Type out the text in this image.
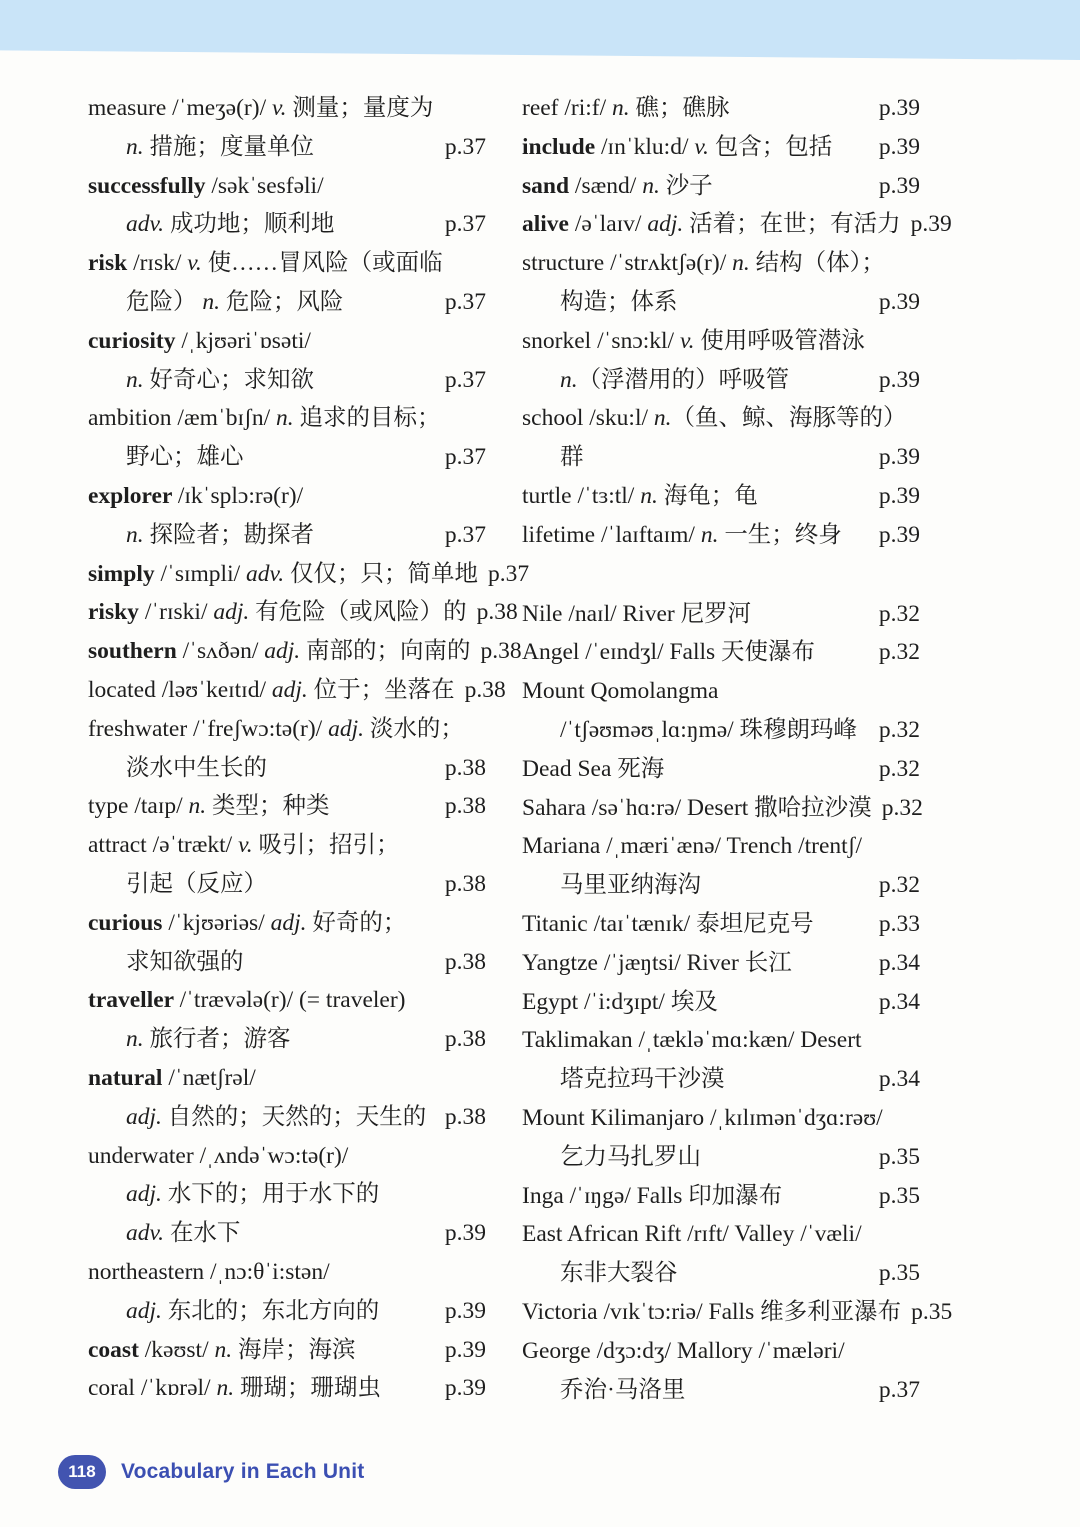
measure /ˈmeʒə(r)/ v. 测量；量度为
n. 措施；度量单位	p.37
successfully /səkˈsesfəli/
adv. 成功地；顺利地	p.37
risk /rɪsk/ v. 使……冒风险（或面临
危险） n. 危险；风险	p.37
curiosity /ˌkjʊəriˈɒsəti/
n. 好奇心；求知欲	p.37
ambition /æmˈbɪʃn/ n. 追求的目标；
野心；雄心	p.37
explorer /ɪkˈsplɔ:rə(r)/
n. 探险者；勘探者	p.37
simply /ˈsɪmpli/ adv. 仅仅；只；简单地 p.37
risky /ˈrɪski/ adj. 有危险（或风险）的 p.38
southern /ˈsʌðən/ adj. 南部的；向南的 p.38
located /ləʊˈkeɪtɪd/ adj. 位于；坐落在 p.38
freshwater /ˈfreʃwɔ:tə(r)/ adj. 淡水的；
淡水中生长的	p.38
type /taɪp/ n. 类型；种类	p.38
attract /əˈtrækt/ v. 吸引；招引；
引起（反应）	p.38
curious /ˈkjʊəriəs/ adj. 好奇的；
求知欲强的	p.38
traveller /ˈtrævələ(r)/ (= traveler)
n. 旅行者；游客	p.38
natural /ˈnætʃrəl/
adj. 自然的；天然的；天生的 p.38
underwater /ˌʌndəˈwɔ:tə(r)/
adj. 水下的；用于水下的
adv. 在水下	p.39
northeastern /ˌnɔ:θˈi:stən/
adj. 东北的；东北方向的	p.39
coast /kəʊst/ n. 海岸；海滨	p.39
coral /ˈkɒrəl/ n. 珊瑚；珊瑚虫	p.39
reef /ri:f/ n. 礁；礁脉	p.39
include /ɪnˈklu:d/ v. 包含；包括 p.39
sand /sænd/ n. 沙子	p.39
alive /əˈlaɪv/ adj. 活着；在世；有活力 p.39
structure /ˈstrʌktʃə(r)/ n. 结构（体）；
构造；体系	p.39
snorkel /ˈsnɔ:kl/ v. 使用呼吸管潜泳
n.（浮潜用的）呼吸管	p.39
school /sku:l/ n.（鱼、鲸、海豚等的）
群	p.39
turtle /ˈtɜ:tl/ n. 海龟；龟	p.39
lifetime /ˈlaɪftaɪm/ n. 一生；终身 p.39
Nile /naɪl/ River 尼罗河	p.32
Angel /ˈeɪndʒl/ Falls 天使瀑布	p.32
Mount Qomolangma
/ˈtʃəʊməʊˌlɑ:ŋmə/ 珠穆朗玛峰 p.32
Dead Sea 死海	p.32
Sahara /səˈhɑ:rə/ Desert 撒哈拉沙漠 p.32
Mariana /ˌmæriˈænə/ Trench /trentʃ/
马里亚纳海沟	p.32
Titanic /taɪˈtænɪk/ 泰坦尼克号	p.33
Yangtze /ˈjæŋtsi/ River 长江	p.34
Egypt /ˈi:dʒɪpt/ 埃及	p.34
Taklimakan /ˌtækləˈmɑ:kæn/ Desert
塔克拉玛干沙漠	p.34
Mount Kilimanjaro /ˌkɪlɪmənˈdʒɑ:rəʊ/
乞力马扎罗山	p.35
Inga /ˈɪŋgə/ Falls 印加瀑布	p.35
East African Rift /rɪft/ Valley /ˈvæli/
东非大裂谷	p.35
Victoria /vɪkˈtɔ:riə/ Falls 维多利亚瀑布 p.35
George /dʒɔ:dʒ/ Mallory /ˈmæləri/
乔治·马洛里	p.37
118	Vocabulary in Each Unit
